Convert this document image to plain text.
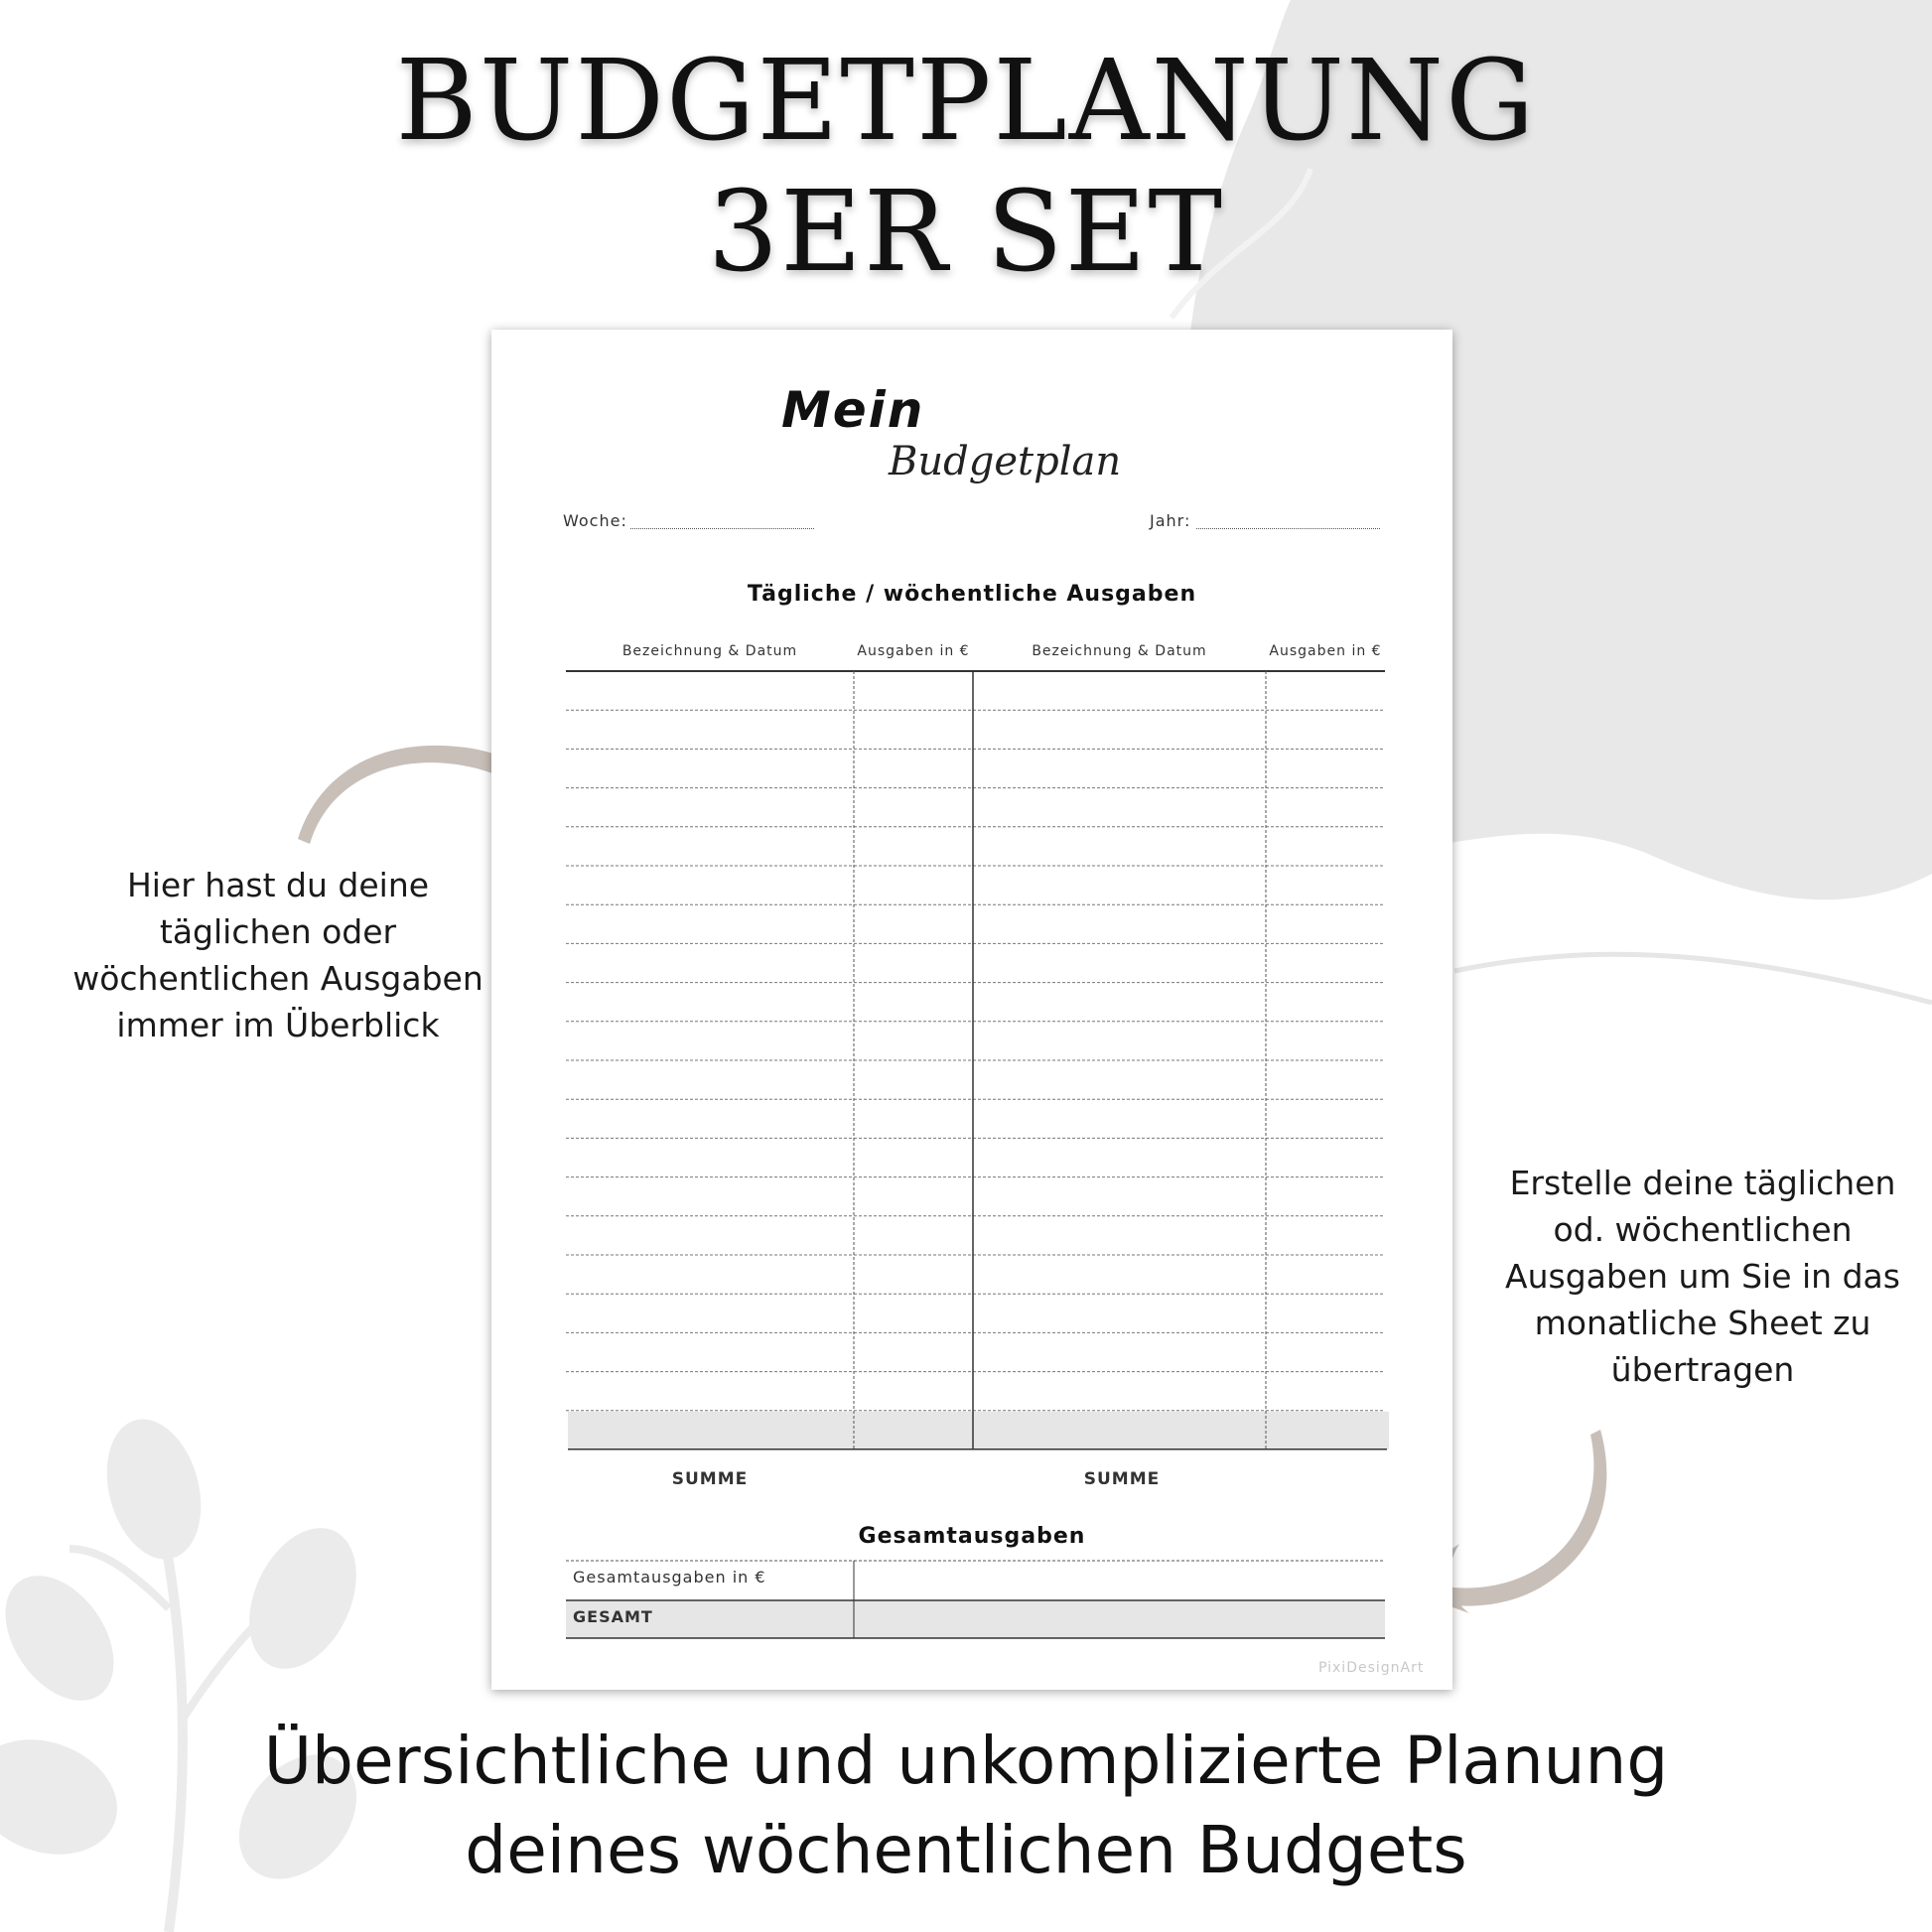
BUDGETPLANUNG
3ER SET
Hier hast du deine
täglichen oder
wöchentlichen Ausgaben
immer im Überblick
Erstelle deine täglichen
od. wöchentlichen
Ausgaben um Sie in das
monatliche Sheet zu
übertragen
Mein
Budgetplan
Woche:	Jahr:
Tägliche / wöchentliche Ausgaben
Bezeichnung & Datum	Ausgaben in €	Bezeichnung & Datum	Ausgaben in €
SUMME	SUMME
Gesamtausgaben
Gesamtausgaben in €
GESAMT
PixiDesignArt
Übersichtliche und unkomplizierte Planung
deines wöchentlichen Budgets
